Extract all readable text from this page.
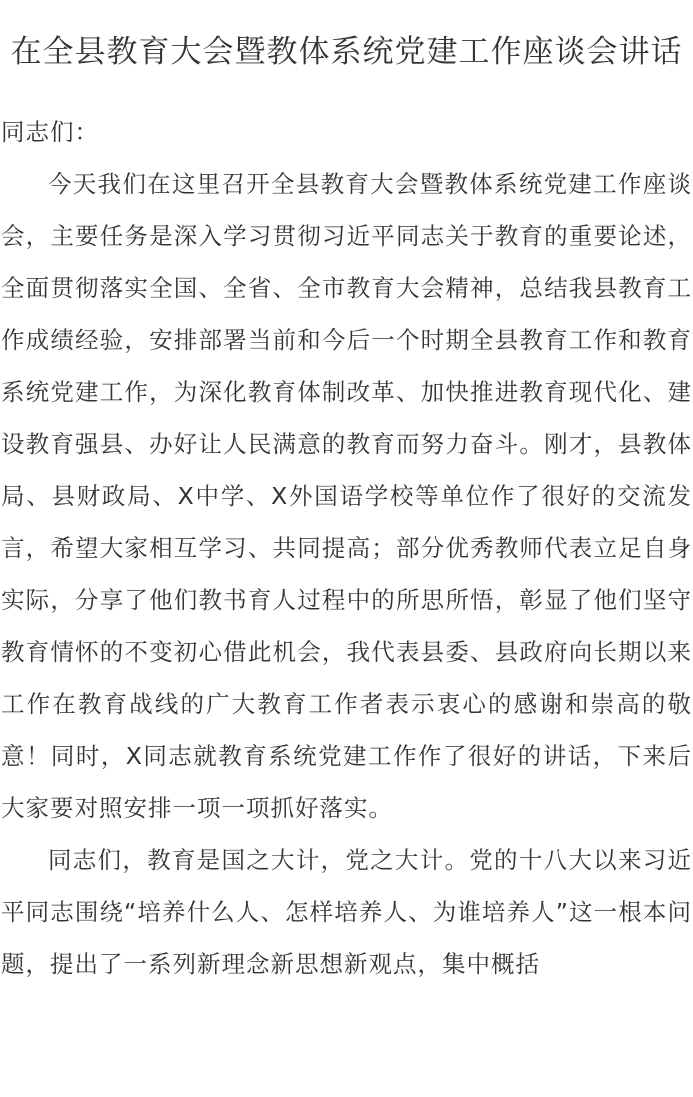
在全县教育大会暨教体系统党建工作座谈会讲话

同志们：

今天我们在这里召开全县教育大会暨教体系统党建工作座谈会，主要任务是深入学习贯彻习近平同志关于教育的重要论述，全面贯彻落实全国、全省、全市教育大会精神，总结我县教育工作成绩经验，安排部署当前和今后一个时期全县教育工作和教育系统党建工作，为深化教育体制改革、加快推进教育现代化、建设教育强县、办好让人民满意的教育而努力奋斗。刚才，县教体局、县财政局、X中学、X外国语学校等单位作了很好的交流发言，希望大家相互学习、共同提高；部分优秀教师代表立足自身实际，分享了他们教书育人过程中的所思所悟，彰显了他们坚守教育情怀的不变初心借此机会，我代表县委、县政府向长期以来工作在教育战线的广大教育工作者表示衷心的感谢和崇高的敬意！同时，X同志就教育系统党建工作作了很好的讲话，下来后大家要对照安排一项一项抓好落实。

同志们，教育是国之大计，党之大计。党的十八大以来习近平同志围绕“培养什么人、怎样培养人、为谁培养人”这一根本问题，提出了一系列新理念新思想新观点，集中概括
